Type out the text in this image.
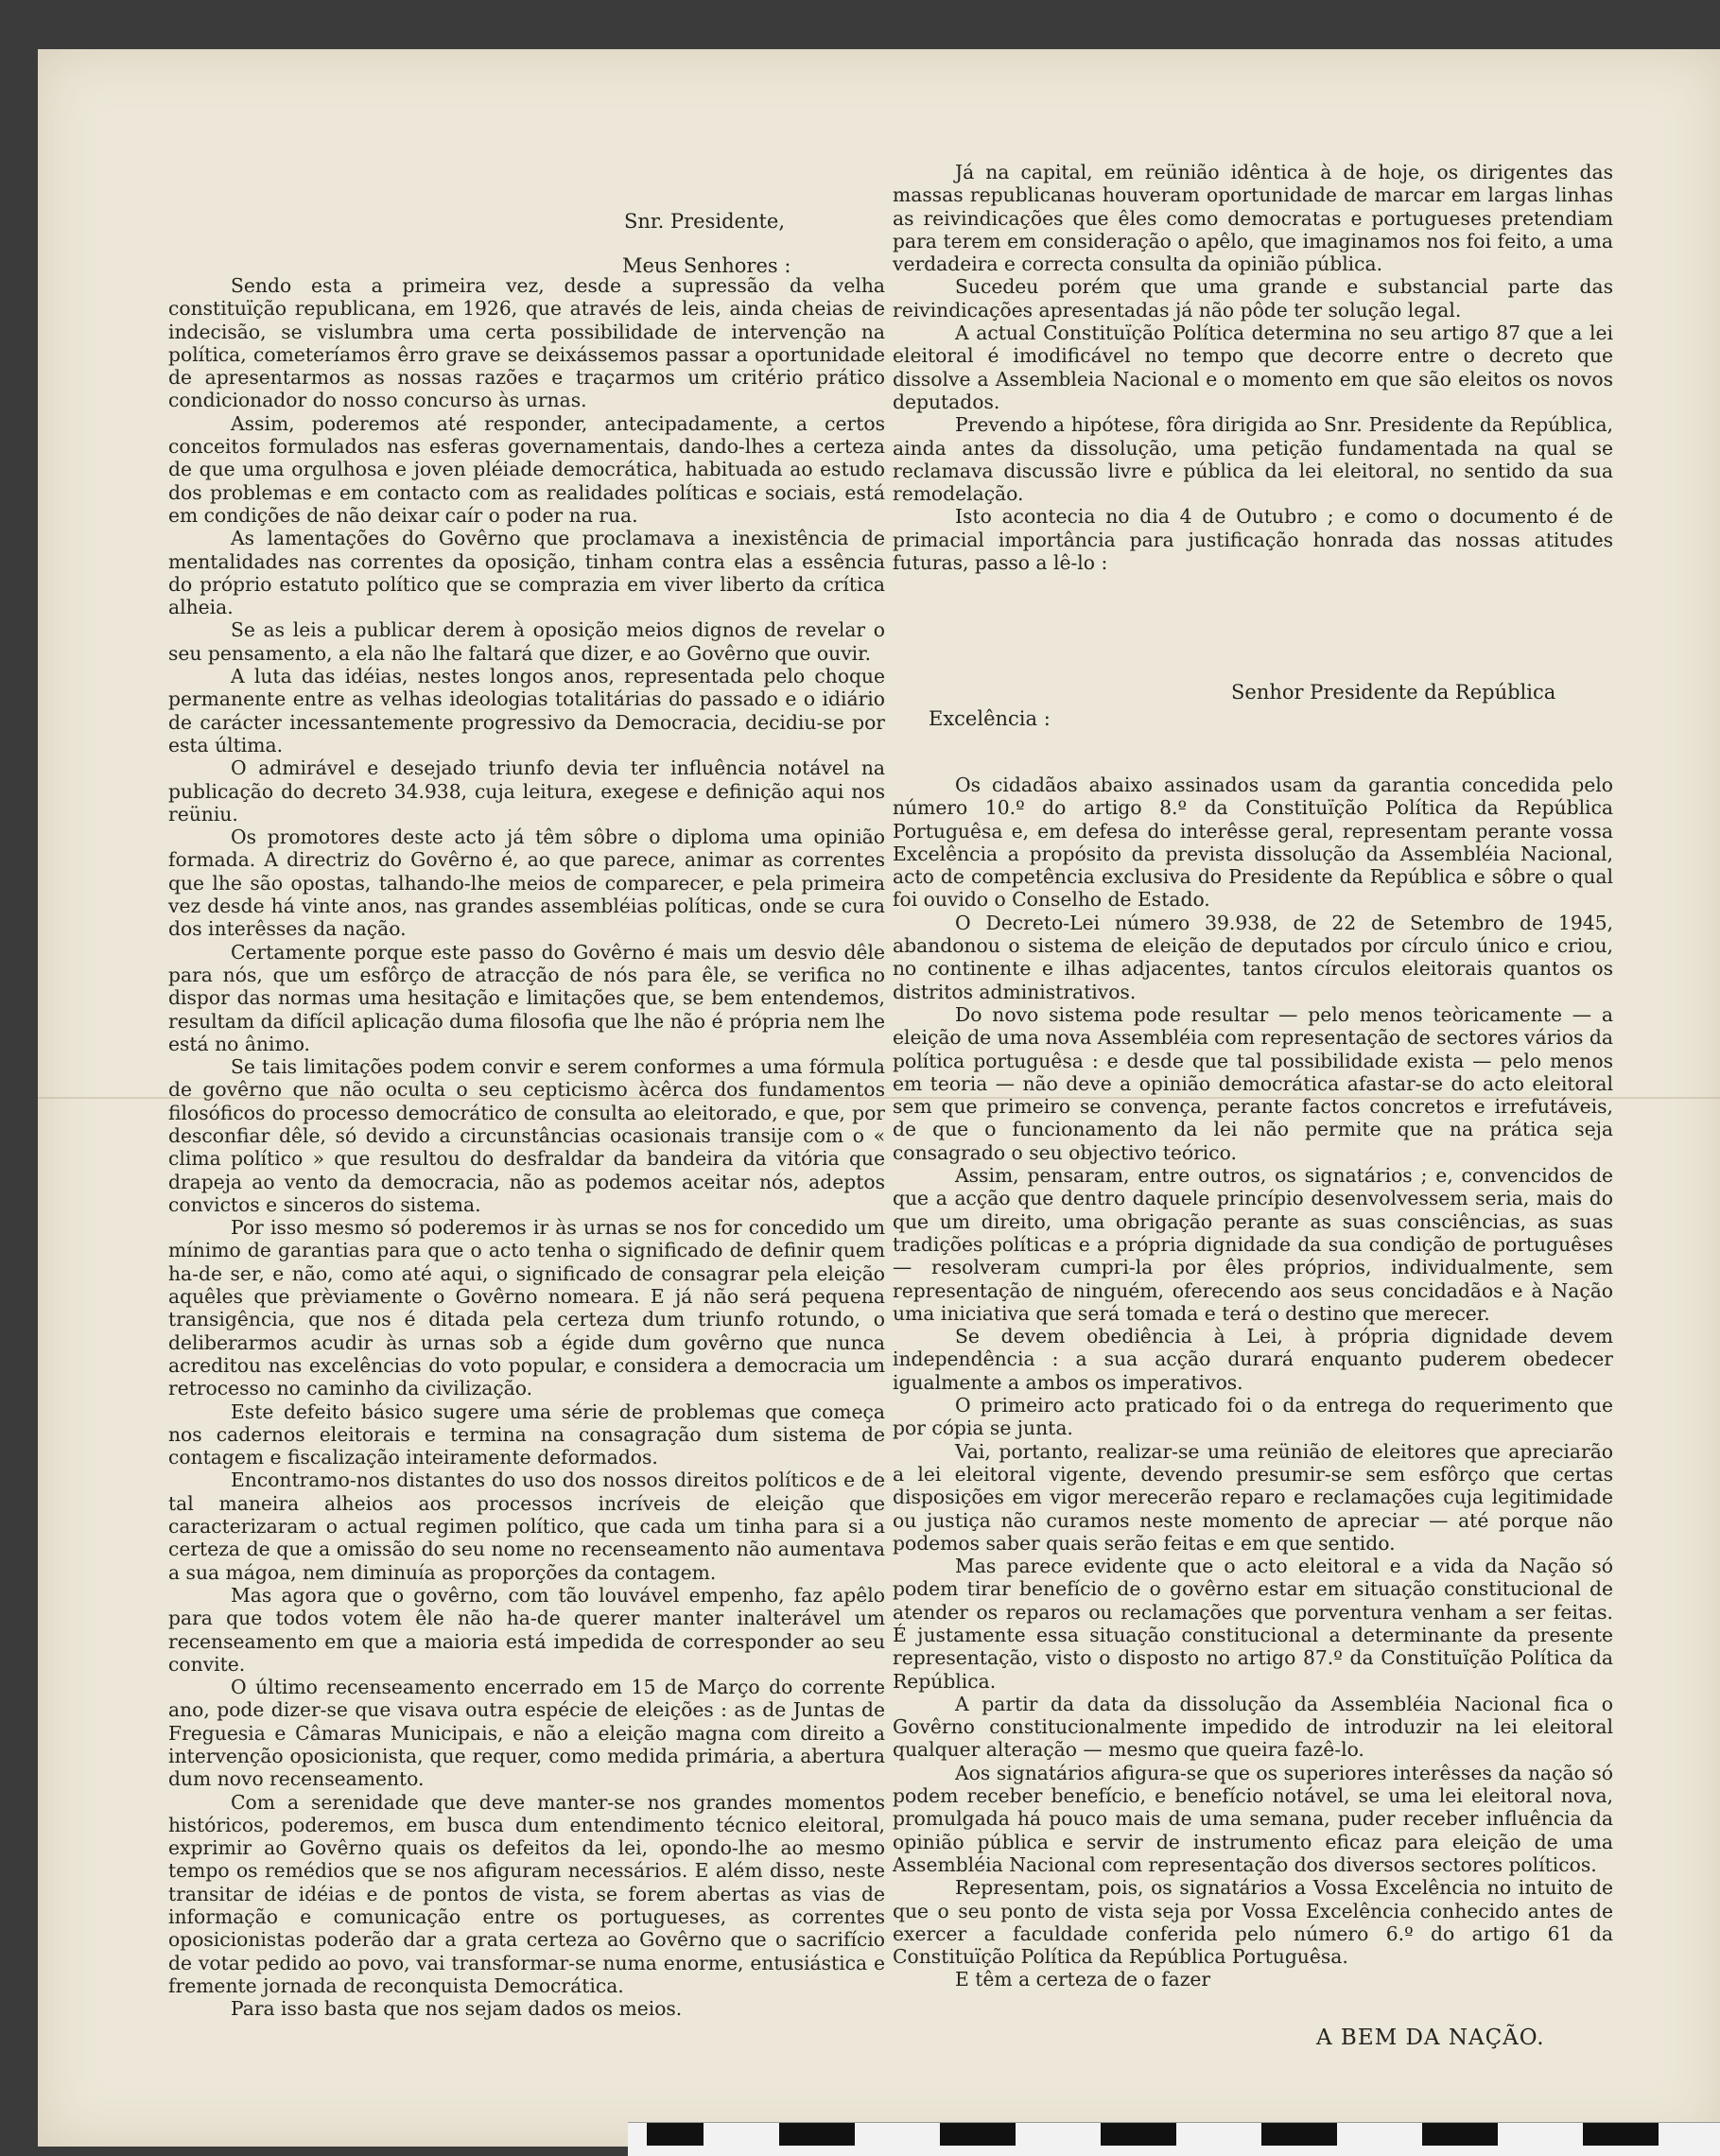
Snr. Presidente,
Meus Senhores :

Sendo esta a primeira vez, desde a supressão da velha constituïção republicana, em 1926, que através de leis, ainda cheias de indecisão, se vislumbra uma certa possibilidade de intervenção na política, cometeríamos êrro grave se deixássemos passar a oportunidade de apresentarmos as nossas razões e traçarmos um critério prático condicionador do nosso concurso às urnas.

Assim, poderemos até responder, antecipadamente, a certos conceitos formulados nas esferas governamentais, dando-lhes a certeza de que uma orgulhosa e joven pléiade democrática, habituada ao estudo dos problemas e em contacto com as realidades políticas e sociais, está em condições de não deixar caír o poder na rua.

As lamentações do Govêrno que proclamava a inexistência de mentalidades nas correntes da oposição, tinham contra elas a essência do próprio estatuto político que se comprazia em viver liberto da crítica alheia.

Se as leis a publicar derem à oposição meios dignos de revelar o seu pensamento, a ela não lhe faltará que dizer, e ao Govêrno que ouvir.

A luta das idéias, nestes longos anos, representada pelo choque permanente entre as velhas ideologias totalitárias do passado e o idiário de carácter incessantemente progressivo da Democracia, decidiu-se por esta última.

O admirável e desejado triunfo devia ter influência notável na publicação do decreto 34.938, cuja leitura, exegese e definição aqui nos reüniu.

Os promotores deste acto já têm sôbre o diploma uma opinião formada. A directriz do Govêrno é, ao que parece, animar as correntes que lhe são opostas, talhando-lhe meios de comparecer, e pela primeira vez desde há vinte anos, nas grandes assembléias políticas, onde se cura dos interêsses da nação.

Certamente porque este passo do Govêrno é mais um desvio dêle para nós, que um esfôrço de atracção de nós para êle, se verifica no dispor das normas uma hesitação e limitações que, se bem entendemos, resultam da difícil aplicação duma filosofia que lhe não é própria nem lhe está no ânimo.

Se tais limitações podem convir e serem conformes a uma fórmula de govêrno que não oculta o seu cepticismo àcêrca dos fundamentos filosóficos do processo democrático de consulta ao eleitorado, e que, por desconfiar dêle, só devido a circunstâncias ocasionais transije com o « clima político » que resultou do desfraldar da bandeira da vitória que drapeja ao vento da democracia, não as podemos aceitar nós, adeptos convictos e sinceros do sistema.

Por isso mesmo só poderemos ir às urnas se nos for concedido um mínimo de garantias para que o acto tenha o significado de definir quem ha-de ser, e não, como até aqui, o significado de consagrar pela eleição aquêles que prèviamente o Govêrno nomeara. E já não será pequena transigência, que nos é ditada pela certeza dum triunfo rotundo, o deliberarmos acudir às urnas sob a égide dum govêrno que nunca acreditou nas excelências do voto popular, e considera a democracia um retrocesso no caminho da civilização.

Este defeito básico sugere uma série de problemas que começa nos cadernos eleitorais e termina na consagração dum sistema de contagem e fiscalização inteiramente deformados.

Encontramo-nos distantes do uso dos nossos direitos políticos e de tal maneira alheios aos processos incríveis de eleição que caracterizaram o actual regimen político, que cada um tinha para si a certeza de que a omissão do seu nome no recenseamento não aumentava a sua mágoa, nem diminuía as proporções da contagem.

Mas agora que o govêrno, com tão louvável empenho, faz apêlo para que todos votem êle não ha-de querer manter inalterável um recenseamento em que a maioria está impedida de corresponder ao seu convite.

O último recenseamento encerrado em 15 de Março do corrente ano, pode dizer-se que visava outra espécie de eleições : as de Juntas de Freguesia e Câmaras Municipais, e não a eleição magna com direito a intervenção oposicionista, que requer, como medida primária, a abertura dum novo recenseamento.

Com a serenidade que deve manter-se nos grandes momentos históricos, poderemos, em busca dum entendimento técnico eleitoral, exprimir ao Govêrno quais os defeitos da lei, opondo-lhe ao mesmo tempo os remédios que se nos afiguram necessários. E além disso, neste transitar de idéias e de pontos de vista, se forem abertas as vias de informação e comunicação entre os portugueses, as correntes oposicionistas poderão dar a grata certeza ao Govêrno que o sacrifício de votar pedido ao povo, vai transformar-se numa enorme, entusiástica e fremente jornada de reconquista Democrática.

Para isso basta que nos sejam dados os meios.

Já na capital, em reünião idêntica à de hoje, os dirigentes das massas republicanas houveram oportunidade de marcar em largas linhas as reivindicações que êles como democratas e portugueses pretendiam para terem em consideração o apêlo, que imaginamos nos foi feito, a uma verdadeira e correcta consulta da opinião pública.

Sucedeu porém que uma grande e substancial parte das reivindicações apresentadas já não pôde ter solução legal.

A actual Constituïção Política determina no seu artigo 87 que a lei eleitoral é imodificável no tempo que decorre entre o decreto que dissolve a Assembleia Nacional e o momento em que são eleitos os novos deputados.

Prevendo a hipótese, fôra dirigida ao Snr. Presidente da República, ainda antes da dissolução, uma petição fundamentada na qual se reclamava discussão livre e pública da lei eleitoral, no sentido da sua remodelação.

Isto acontecia no dia 4 de Outubro ; e como o documento é de primacial importância para justificação honrada das nossas atitudes futuras, passo a lê-lo :

Senhor Presidente da República
Excelência :

Os cidadãos abaixo assinados usam da garantia concedida pelo número 10.º do artigo 8.º da Constituïção Política da República Portuguêsa e, em defesa do interêsse geral, representam perante vossa Excelência a propósito da prevista dissolução da Assembléia Nacional, acto de competência exclusiva do Presidente da República e sôbre o qual foi ouvido o Conselho de Estado.

O Decreto-Lei número 39.938, de 22 de Setembro de 1945, abandonou o sistema de eleição de deputados por círculo único e criou, no continente e ilhas adjacentes, tantos círculos eleitorais quantos os distritos administrativos.

Do novo sistema pode resultar — pelo menos teòricamente — a eleição de uma nova Assembléia com representação de sectores vários da política portuguêsa : e desde que tal possibilidade exista — pelo menos em teoria — não deve a opinião democrática afastar-se do acto eleitoral sem que primeiro se convença, perante factos concretos e irrefutáveis, de que o funcionamento da lei não permite que na prática seja consagrado o seu objectivo teórico.

Assim, pensaram, entre outros, os signatários ; e, convencidos de que a acção que dentro daquele princípio desenvolvessem seria, mais do que um direito, uma obrigação perante as suas consciências, as suas tradições políticas e a própria dignidade da sua condição de portuguêses — resolveram cumpri-la por êles próprios, individualmente, sem representação de ninguém, oferecendo aos seus concidadãos e à Nação uma iniciativa que será tomada e terá o destino que merecer.

Se devem obediência à Lei, à própria dignidade devem independência : a sua acção durará enquanto puderem obedecer igualmente a ambos os imperativos.

O primeiro acto praticado foi o da entrega do requerimento que por cópia se junta.

Vai, portanto, realizar-se uma reünião de eleitores que apreciarão a lei eleitoral vigente, devendo presumir-se sem esfôrço que certas disposições em vigor merecerão reparo e reclamações cuja legitimidade ou justiça não curamos neste momento de apreciar — até porque não podemos saber quais serão feitas e em que sentido.

Mas parece evidente que o acto eleitoral e a vida da Nação só podem tirar benefício de o govêrno estar em situação constitucional de atender os reparos ou reclamações que porventura venham a ser feitas. É justamente essa situação constitucional a determinante da presente representação, visto o disposto no artigo 87.º da Constituïção Política da República.

A partir da data da dissolução da Assembléia Nacional fica o Govêrno constitucionalmente impedido de introduzir na lei eleitoral qualquer alteração — mesmo que queira fazê-lo.

Aos signatários afigura-se que os superiores interêsses da nação só podem receber benefício, e benefício notável, se uma lei eleitoral nova, promulgada há pouco mais de uma semana, puder receber influência da opinião pública e servir de instrumento eficaz para eleição de uma Assembléia Nacional com representação dos diversos sectores políticos.

Representam, pois, os signatários a Vossa Excelência no intuito de que o seu ponto de vista seja por Vossa Excelência conhecido antes de exercer a faculdade conferida pelo número 6.º do artigo 61 da Constituïção Política da República Portuguêsa.

E têm a certeza de o fazer

A BEM DA NAÇÃO.
